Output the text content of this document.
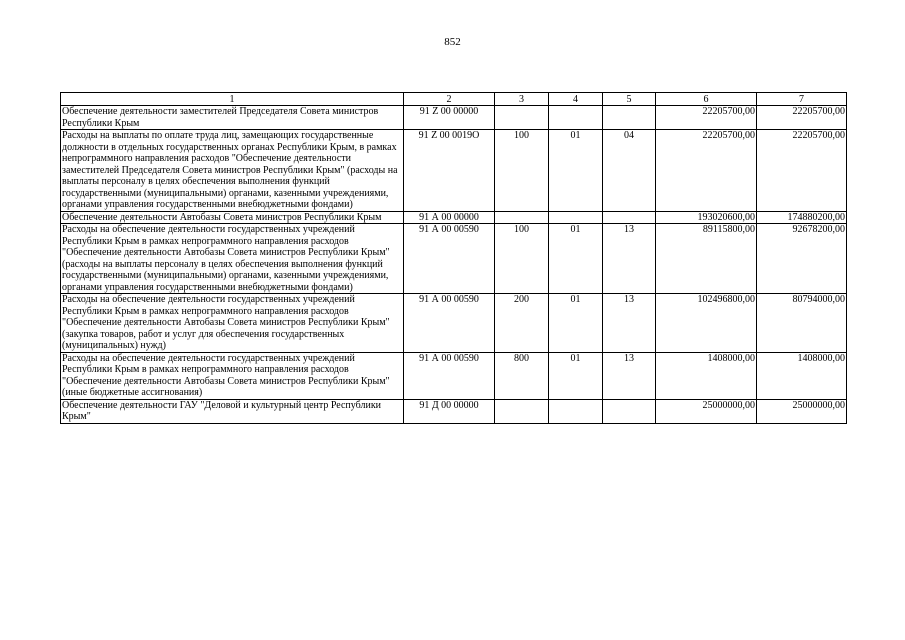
852
1	2	3	4	5	6	7
Обеспечение деятельности заместителей Председателя Совета министров Республики Крым	91 Z 00 00000				22205700,00	22205700,00
Расходы на выплаты по оплате труда лиц, замещающих государственные должности в отдельных государственных органах Республики Крым, в рамках непрограммного направления расходов "Обеспечение деятельности заместителей Председателя Совета министров Республики Крым" (расходы на выплаты персоналу в целях обеспечения выполнения функций государственными (муниципальными) органами, казенными учреждениями, органами управления государственными внебюджетными фондами)	91 Z 00 0019О	100	01	04	22205700,00	22205700,00
Обеспечение деятельности Автобазы Совета министров Республики Крым	91 А 00 00000				193020600,00	174880200,00
Расходы на обеспечение деятельности государственных учреждений Республики Крым в рамках непрограммного направления расходов "Обеспечение деятельности Автобазы Совета министров Республики Крым" (расходы на выплаты персоналу в целях обеспечения выполнения функций государственными (муниципальными) органами, казенными учреждениями, органами управления государственными внебюджетными фондами)	91 А 00 00590	100	01	13	89115800,00	92678200,00
Расходы на обеспечение деятельности государственных учреждений Республики Крым в рамках непрограммного направления расходов "Обеспечение деятельности Автобазы Совета министров Республики Крым" (закупка товаров, работ и услуг для обеспечения государственных (муниципальных) нужд)	91 А 00 00590	200	01	13	102496800,00	80794000,00
Расходы на обеспечение деятельности государственных учреждений Республики Крым в рамках непрограммного направления расходов "Обеспечение деятельности Автобазы Совета министров Республики Крым" (иные бюджетные ассигнования)	91 А 00 00590	800	01	13	1408000,00	1408000,00
Обеспечение деятельности ГАУ "Деловой и культурный центр Республики Крым"	91 Д 00 00000				25000000,00	25000000,00
